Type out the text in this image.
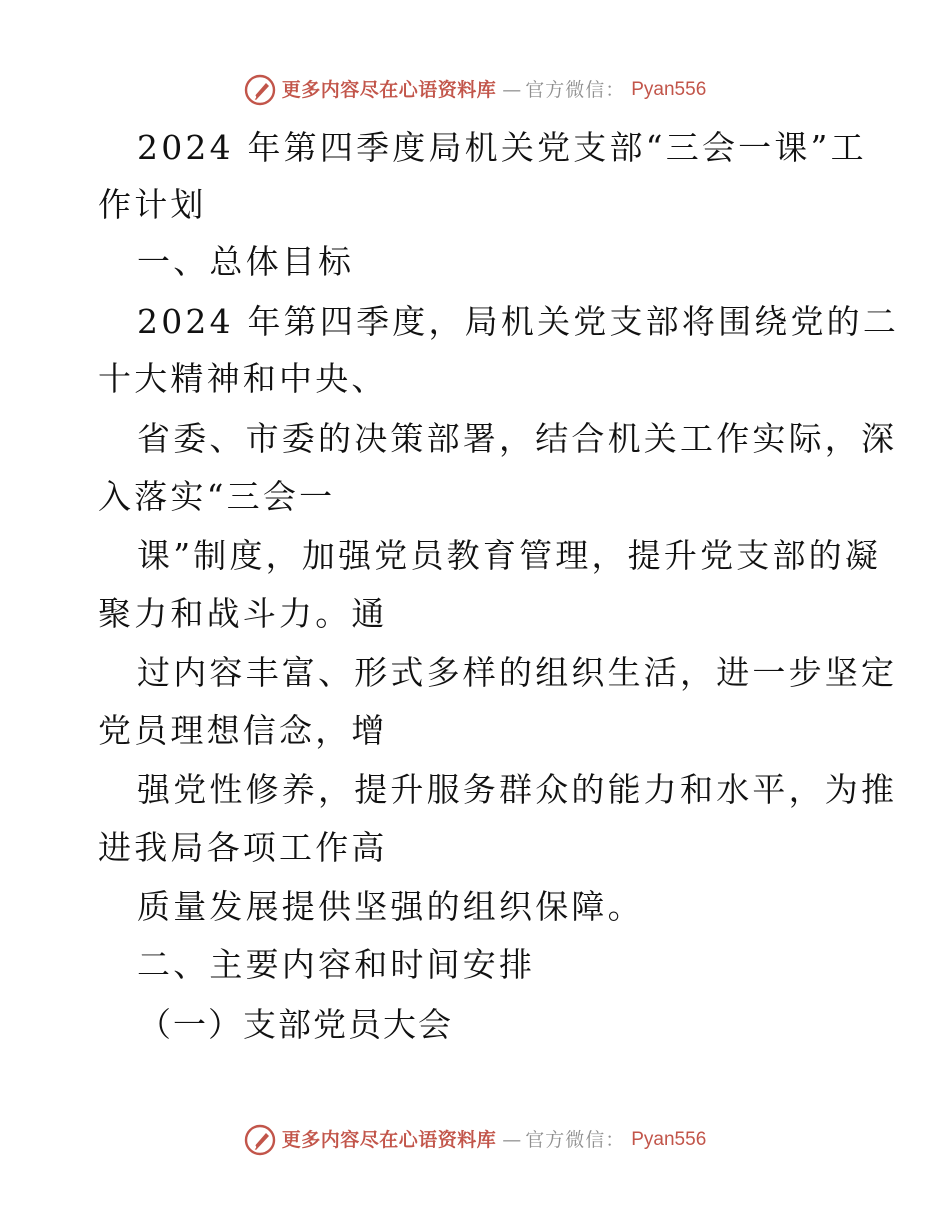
更多内容尽在心语资料库 — 官方微信： Pyan556
2024 年第四季度局机关党支部“三会一课”工
作计划
一、总体目标
2024 年第四季度，局机关党支部将围绕党的二
十大精神和中央、
省委、市委的决策部署，结合机关工作实际，深
入落实“三会一
课”制度，加强党员教育管理，提升党支部的凝
聚力和战斗力。通
过内容丰富、形式多样的组织生活，进一步坚定
党员理想信念，增
强党性修养，提升服务群众的能力和水平，为推
进我局各项工作高
质量发展提供坚强的组织保障。
二、主要内容和时间安排
（一）支部党员大会
更多内容尽在心语资料库 — 官方微信： Pyan556
